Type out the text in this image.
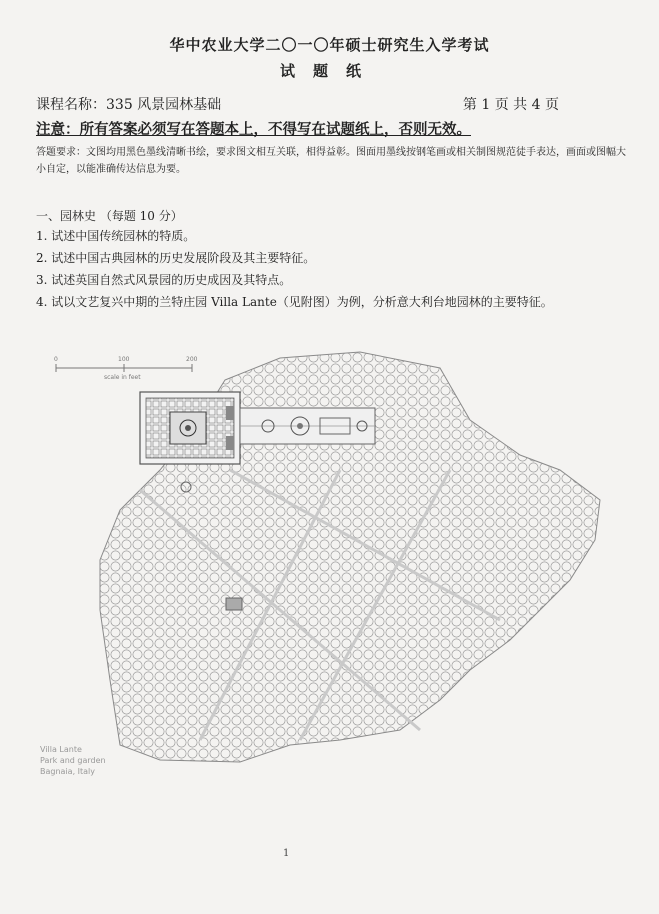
华中农业大学二〇一〇年硕士研究生入学考试
试题纸
课程名称：335 风景园林基础	第 1 页 共 4 页
注意：所有答案必须写在答题本上，不得写在试题纸上，否则无效。
答题要求：文图均用黑色墨线清晰书绘，要求图文相互关联，相得益彰。图面用墨线按钢笔画或相关制图规范徒手表达，画面或图幅大小自定，以能准确传达信息为要。
一、园林史 （每题 10 分）
1. 试述中国传统园林的特质。
2. 试述中国古典园林的历史发展阶段及其主要特征。
3. 试述英国自然式风景园的历史成因及其特点。
4. 试以文艺复兴中期的兰特庄园 Villa Lante（见附图）为例，分析意大利台地园林的主要特征。
0	100	200
scale in feet
Villa Lante
Park and garden
Bagnaia, Italy
1
